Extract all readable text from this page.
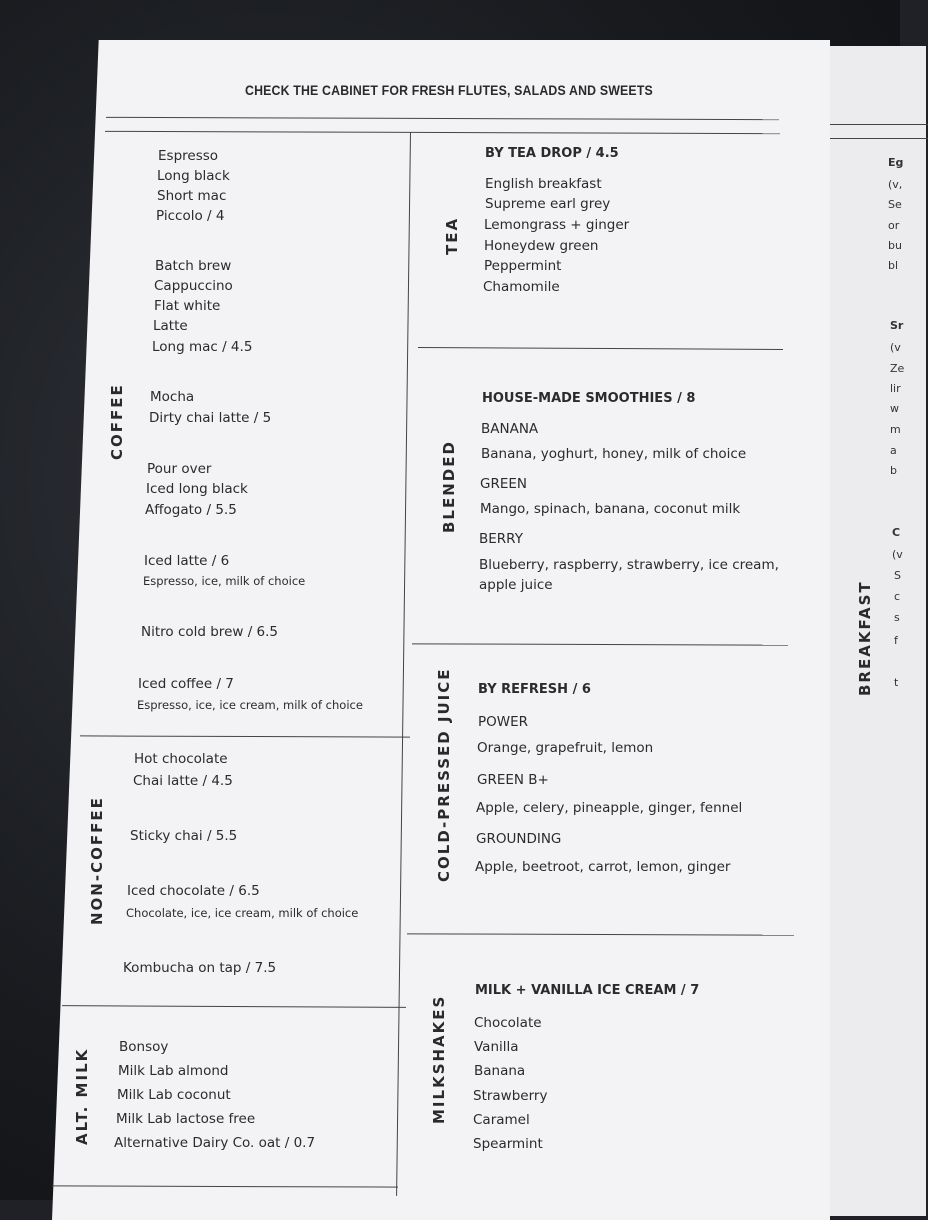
BREAKFAST
Eg
(v,
Se
or
bu
bl
Sr
(v
Ze
lir
w
m
a
b
C
(v
S
c
s
f
t
CHECK THE CABINET FOR FRESH FLUTES, SALADS AND SWEETS
COFFEE
NON-COFFEE
ALT. MILK
TEA
BLENDED
COLD-PRESSED JUICE
MILKSHAKES
Espresso
Long black
Short mac
Piccolo / 4
Batch brew
Cappuccino
Flat white
Latte
Long mac / 4.5
Mocha
Dirty chai latte / 5
Pour over
Iced long black
Affogato / 5.5
Iced latte / 6
Espresso, ice, milk of choice
Nitro cold brew / 6.5
Iced coffee / 7
Espresso, ice, ice cream, milk of choice
Hot chocolate
Chai latte / 4.5
Sticky chai / 5.5
Iced chocolate / 6.5
Chocolate, ice, ice cream, milk of choice
Kombucha on tap / 7.5
Bonsoy
Milk Lab almond
Milk Lab coconut
Milk Lab lactose free
Alternative Dairy Co. oat / 0.7
BY TEA DROP / 4.5
English breakfast
Supreme earl grey
Lemongrass + ginger
Honeydew green
Peppermint
Chamomile
HOUSE-MADE SMOOTHIES / 8
BANANA
Banana, yoghurt, honey, milk of choice
GREEN
Mango, spinach, banana, coconut milk
BERRY
Blueberry, raspberry, strawberry, ice cream,
apple juice
BY REFRESH / 6
POWER
Orange, grapefruit, lemon
GREEN B+
Apple, celery, pineapple, ginger, fennel
GROUNDING
Apple, beetroot, carrot, lemon, ginger
MILK + VANILLA ICE CREAM / 7
Chocolate
Vanilla
Banana
Strawberry
Caramel
Spearmint
